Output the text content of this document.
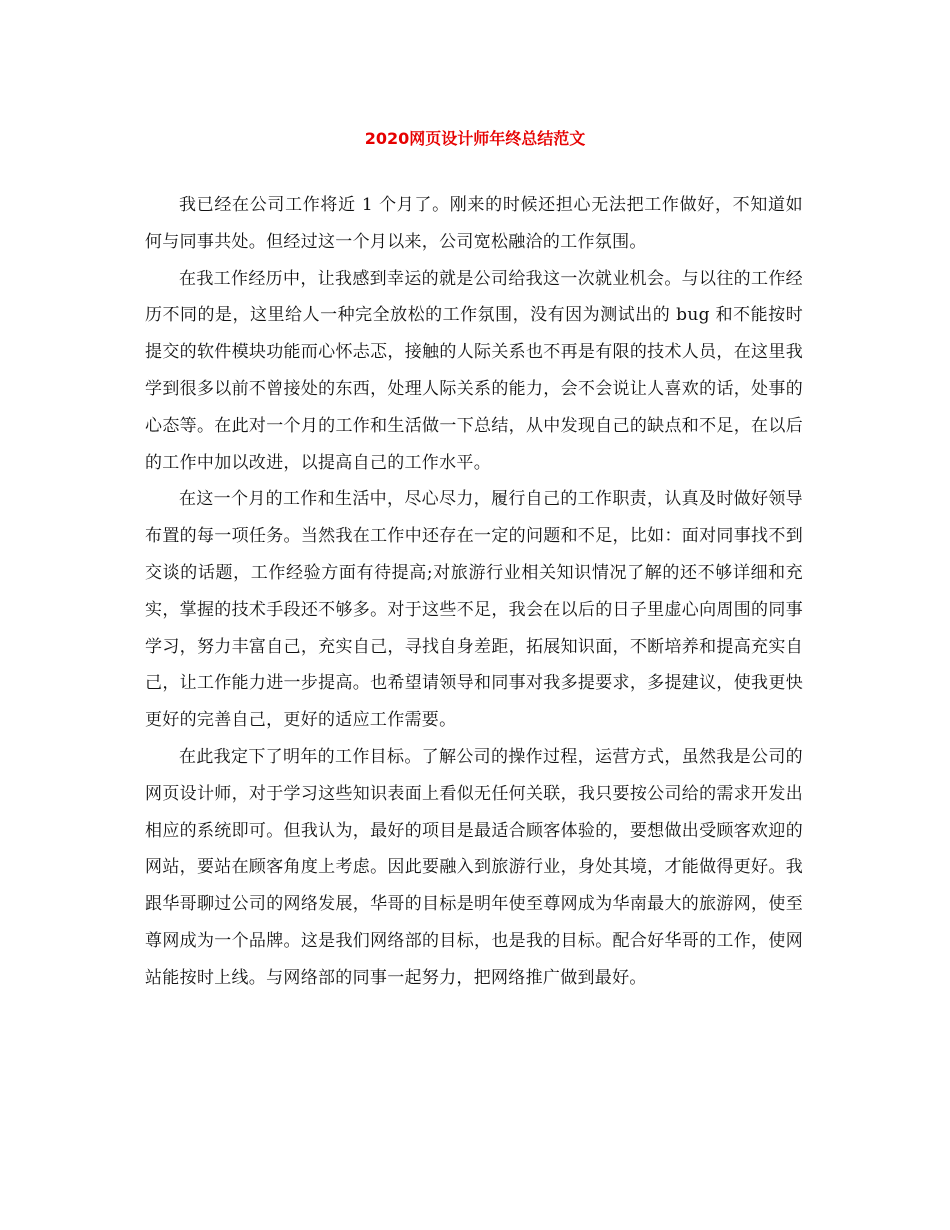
2020网页设计师年终总结范文

我已经在公司工作将近 1 个月了。刚来的时候还担心无法把工作做好，不知道如何与同事共处。但经过这一个月以来，公司宽松融洽的工作氛围。

在我工作经历中，让我感到幸运的就是公司给我这一次就业机会。与以往的工作经历不同的是，这里给人一种完全放松的工作氛围，没有因为测试出的 bug 和不能按时提交的软件模块功能而心怀忐忑，接触的人际关系也不再是有限的技术人员，在这里我学到很多以前不曾接处的东西，处理人际关系的能力，会不会说让人喜欢的话，处事的心态等。在此对一个月的工作和生活做一下总结，从中发现自己的缺点和不足，在以后的工作中加以改进，以提高自己的工作水平。

在这一个月的工作和生活中，尽心尽力，履行自己的工作职责，认真及时做好领导布置的每一项任务。当然我在工作中还存在一定的问题和不足，比如：面对同事找不到交谈的话题，工作经验方面有待提高;对旅游行业相关知识情况了解的还不够详细和充实，掌握的技术手段还不够多。对于这些不足，我会在以后的日子里虚心向周围的同事学习，努力丰富自己，充实自己，寻找自身差距，拓展知识面，不断培养和提高充实自己，让工作能力进一步提高。也希望请领导和同事对我多提要求，多提建议，使我更快更好的完善自己，更好的适应工作需要。

在此我定下了明年的工作目标。了解公司的操作过程，运营方式，虽然我是公司的网页设计师，对于学习这些知识表面上看似无任何关联，我只要按公司给的需求开发出相应的系统即可。但我认为，最好的项目是最适合顾客体验的，要想做出受顾客欢迎的网站，要站在顾客角度上考虑。因此要融入到旅游行业，身处其境，才能做得更好。我跟华哥聊过公司的网络发展，华哥的目标是明年使至尊网成为华南最大的旅游网，使至尊网成为一个品牌。这是我们网络部的目标，也是我的目标。配合好华哥的工作，使网站能按时上线。与网络部的同事一起努力，把网络推广做到最好。
